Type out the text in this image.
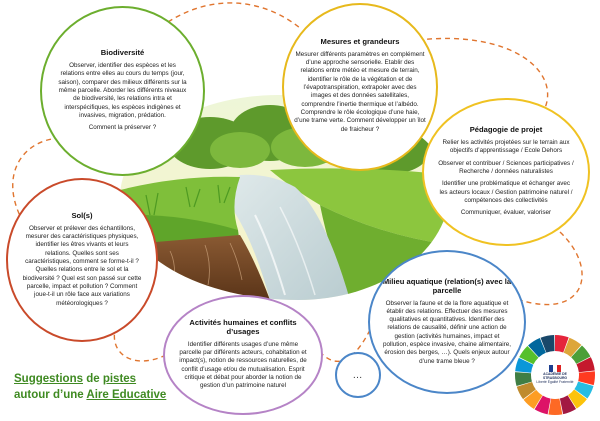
Biodiversité

Observer, identifier des espèces et les relations entre elles au cours du temps (jour, saison), comparer des milieux différents sur la même parcelle. Aborder les différents niveaux de biodiversité, les relations intra et interspécifiques, les espèces indigènes et invasives, migration, prédation.

Comment la préserver ?

Mesures et grandeurs

Mesurer différents paramètres en complément d’une approche sensorielle. Etablir des relations entre météo et mesure de terrain, identifier le rôle de la végétation et de l’évapotranspiration, extrapoler avec des images et des données satellitales, comprendre l’inertie thermique et l’albédo. Comprendre le rôle écologique d’une haie, d’une trame verte. Comment développer un îlot de fraicheur ?	Pédagogie de projet

Relier les activités projetées sur le terrain aux objectifs d’apprentissage / Ecole Dehors

Observer et contribuer / Sciences participatives / Recherche / données naturalistes

Identifier une problématique et échanger avec les acteurs locaux / Gestion patrimoine naturel / compétences des collectivités

Communiquer, évaluer, valoriser

Sol(s)

Observer et prélever des échantillons, mesurer des caractéristiques physiques, identifier les êtres vivants et leurs relations. Quelles sont ses caractéristiques, comment se forme-t-il ? Quelles relations entre le sol et la biodiversité ? Quel est son passé sur cette parcelle, impact et pollution ? Comment joue-t-il un rôle face aux variations météorologiques ?

Activités humaines et conflits d’usages

Identifier différents usages d’une même parcelle par différents acteurs, cohabitation et impact(s), notion de ressources naturelles, de conflit d’usage et/ou de mutualisation. Esprit critique et débat pour aborder la notion de gestion d’un patrimoine naturel

Milieu aquatique (relation(s) avec la parcelle

Observer la faune et de la flore aquatique et établir des relations. Effectuer des mesures qualitatives et quantitatives. Identifier des relations de causalité, définir une action de gestion (activités humaines, impact et pollution, espèce invasive, chaine alimentaire, érosion des berges, …). Quels enjeux autour d’une trame bleue ?

…
Suggestions de pistes
autour d’une Aire Educative
ACADÉMIE DE STRASBOURG
Liberté Égalité Fraternité
